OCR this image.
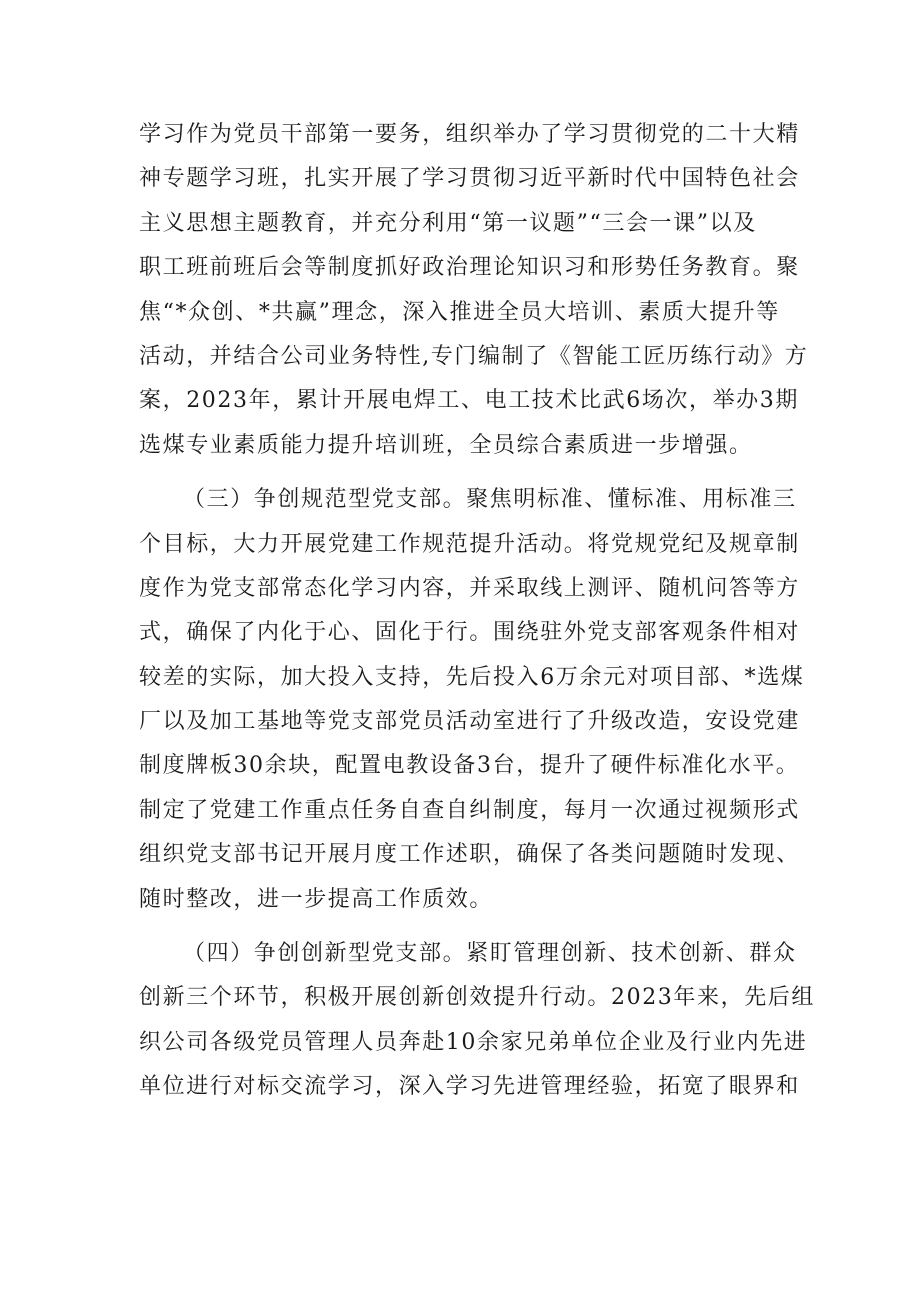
学习作为党员干部第一要务，组织举办了学习贯彻党的二十大精
神专题学习班，扎实开展了学习贯彻习近平新时代中国特色社会
主义思想主题教育，并充分利用“第一议题”“三会一课”以及
职工班前班后会等制度抓好政治理论知识习和形势任务教育。聚
焦“*众创、*共赢”理念，深入推进全员大培训、素质大提升等
活动，并结合公司业务特性,专门编制了《智能工匠历练行动》方
案，2023年，累计开展电焊工、电工技术比武6场次，举办3期
选煤专业素质能力提升培训班，全员综合素质进一步增强。
（三）争创规范型党支部。聚焦明标准、懂标准、用标准三
个目标，大力开展党建工作规范提升活动。将党规党纪及规章制
度作为党支部常态化学习内容，并采取线上测评、随机问答等方
式，确保了内化于心、固化于行。围绕驻外党支部客观条件相对
较差的实际，加大投入支持，先后投入6万余元对项目部、*选煤
厂以及加工基地等党支部党员活动室进行了升级改造，安设党建
制度牌板30余块，配置电教设备3台，提升了硬件标准化水平。
制定了党建工作重点任务自查自纠制度，每月一次通过视频形式
组织党支部书记开展月度工作述职，确保了各类问题随时发现、
随时整改，进一步提高工作质效。
（四）争创创新型党支部。紧盯管理创新、技术创新、群众
创新三个环节，积极开展创新创效提升行动。2023年来，先后组
织公司各级党员管理人员奔赴10余家兄弟单位企业及行业内先进
单位进行对标交流学习，深入学习先进管理经验，拓宽了眼界和
